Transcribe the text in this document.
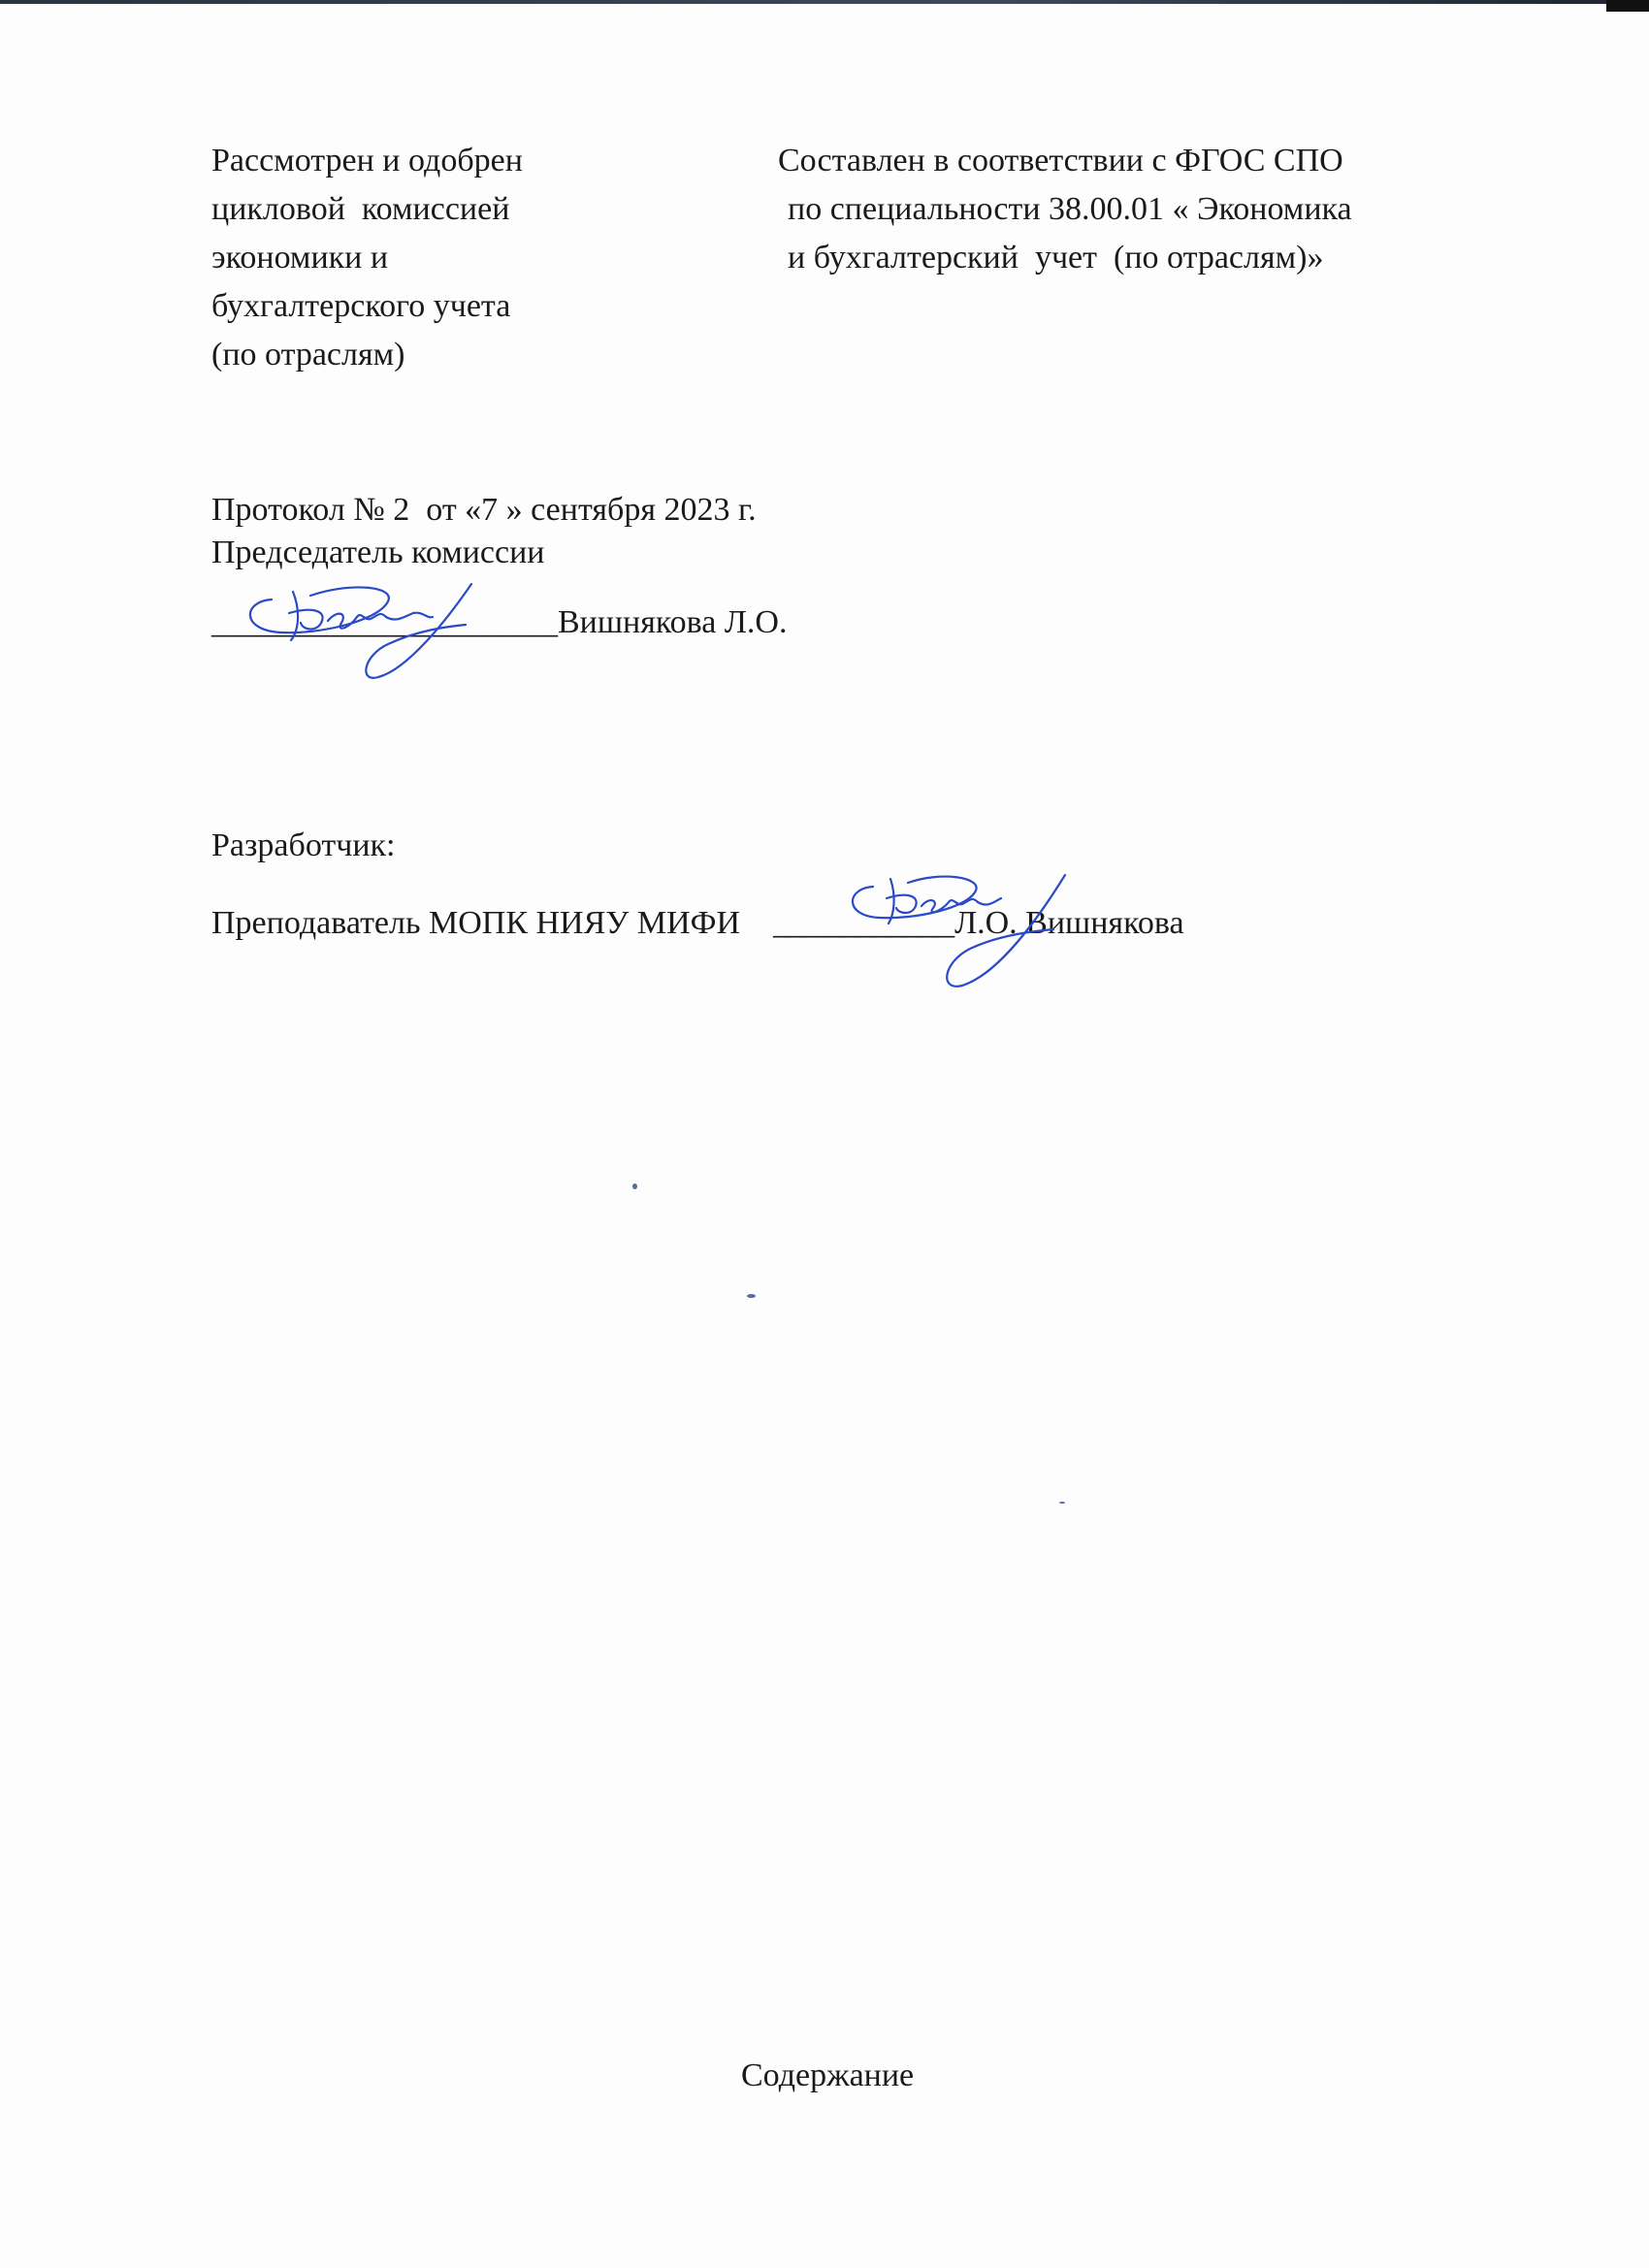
Рассмотрен и одобрен
цикловой  комиссией
экономики и
бухгалтерского учета
(по отраслям)
Составлен в соответствии с ФГОС СПО
по специальности 38.00.01 « Экономика
и бухгалтерский  учет  (по отраслям)»
Протокол № 2  от «7 » сентября 2023 г.
Председатель комиссии
_____________________Вишнякова Л.О.
Разработчик:
Преподаватель МОПК НИЯУ МИФИ    ___________Л.О. Вишнякова
Содержание
